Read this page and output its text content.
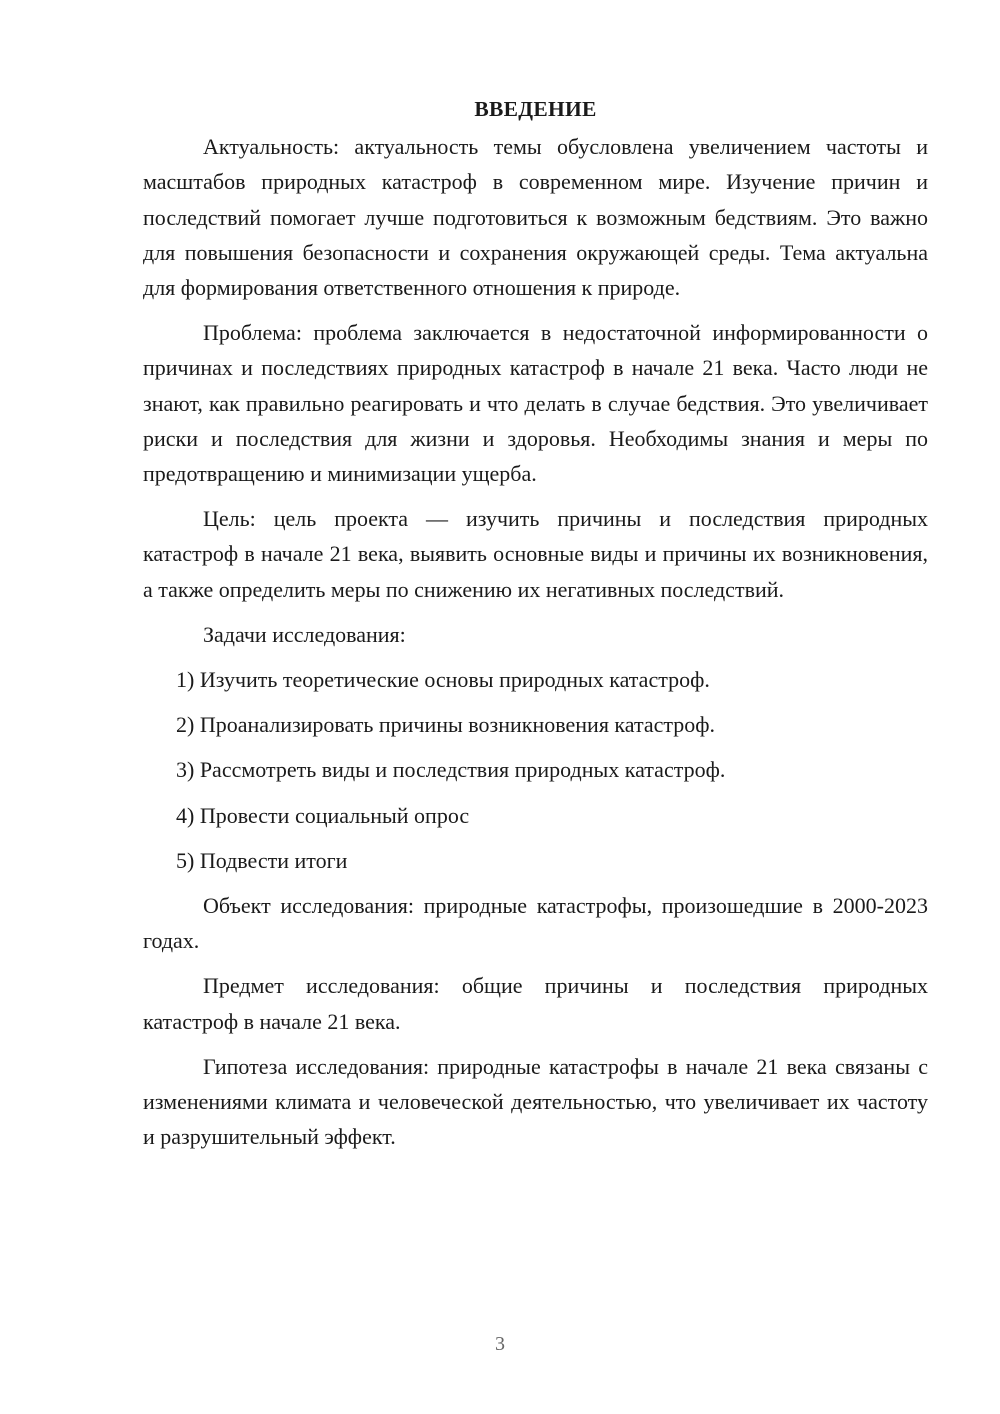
ВВЕДЕНИЕ

Актуальность: актуальность темы обусловлена увеличением частоты и масштабов природных катастроф в современном мире. Изучение причин и последствий помогает лучше подготовиться к возможным бедствиям. Это важно для повышения безопасности и сохранения окружающей среды. Тема актуальна для формирования ответственного отношения к природе.

Проблема: проблема заключается в недостаточной информированности о причинах и последствиях природных катастроф в начале 21 века. Часто люди не знают, как правильно реагировать и что делать в случае бедствия. Это увеличивает риски и последствия для жизни и здоровья. Необходимы знания и меры по предотвращению и минимизации ущерба.

Цель: цель проекта — изучить причины и последствия природных катастроф в начале 21 века, выявить основные виды и причины их возникновения, а также определить меры по снижению их негативных последствий.

Задачи исследования:

1) Изучить теоретические основы природных катастроф.
2) Проанализировать причины возникновения катастроф.
3) Рассмотреть виды и последствия природных катастроф.
4) Провести социальный опрос
5) Подвести итоги

Объект исследования: природные катастрофы, произошедшие в 2000-2023 годах.

Предмет исследования: общие причины и последствия природных катастроф в начале 21 века.

Гипотеза исследования: природные катастрофы в начале 21 века связаны с изменениями климата и человеческой деятельностью, что увеличивает их частоту и разрушительный эффект.

3
